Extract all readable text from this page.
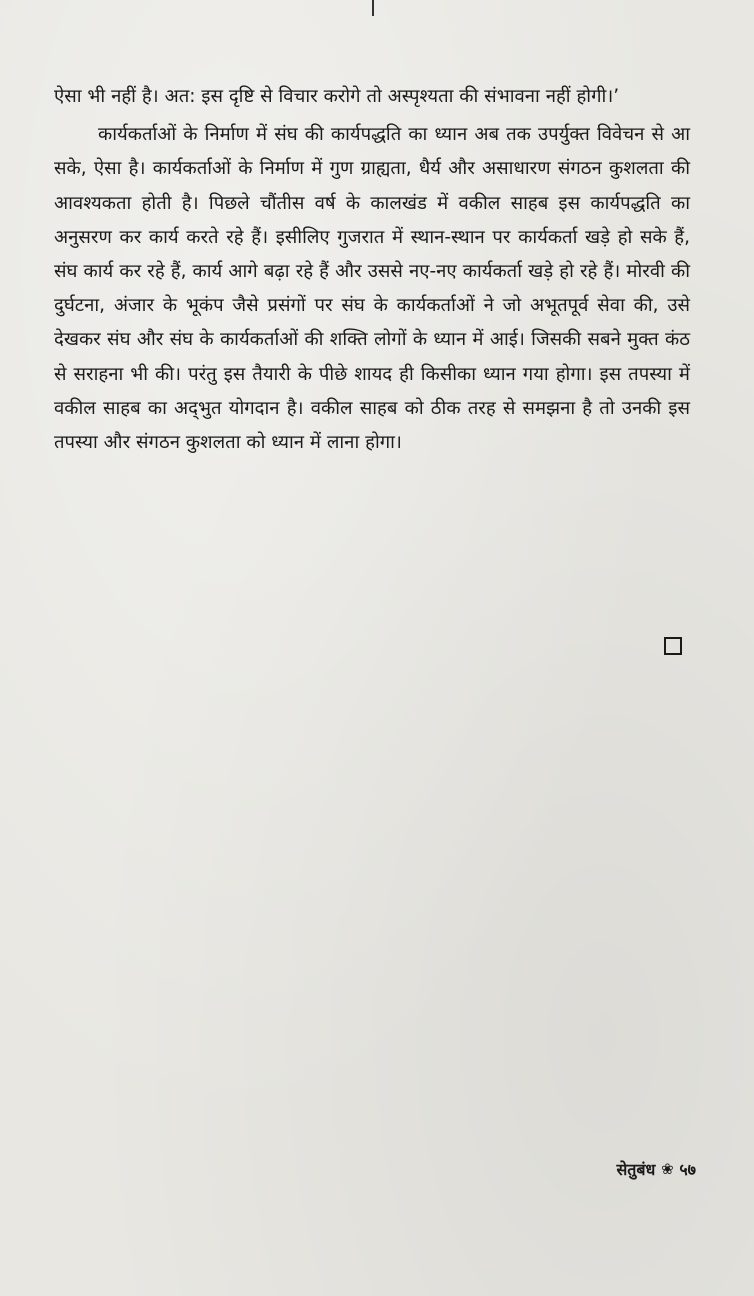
ऐसा भी नहीं है। अत: इस दृष्टि से विचार करोगे तो अस्पृश्यता की संभावना नहीं होगी।’

कार्यकर्ताओं के निर्माण में संघ की कार्यपद्धति का ध्यान अब तक उपर्युक्त विवेचन से आ सके, ऐसा है। कार्यकर्ताओं के निर्माण में गुण ग्राह्यता, धैर्य और असाधारण संगठन कुशलता की आवश्यकता होती है। पिछले चौंतीस वर्ष के कालखंड में वकील साहब इस कार्यपद्धति का अनुसरण कर कार्य करते रहे हैं। इसीलिए गुजरात में स्थान-स्थान पर कार्यकर्ता खड़े हो सके हैं, संघ कार्य कर रहे हैं, कार्य आगे बढ़ा रहे हैं और उससे नए-नए कार्यकर्ता खड़े हो रहे हैं। मोरवी की दुर्घटना, अंजार के भूकंप जैसे प्रसंगों पर संघ के कार्यकर्ताओं ने जो अभूतपूर्व सेवा की, उसे देखकर संघ और संघ के कार्यकर्ताओं की शक्ति लोगों के ध्यान में आई। जिसकी सबने मुक्त कंठ से सराहना भी की। परंतु इस तैयारी के पीछे शायद ही किसीका ध्यान गया होगा। इस तपस्या में वकील साहब का अद्‌भुत योगदान है। वकील साहब को ठीक तरह से समझना है तो उनकी इस तपस्या और संगठन कुशलता को ध्यान में लाना होगा।

सेतुबंध ❀ ५७
